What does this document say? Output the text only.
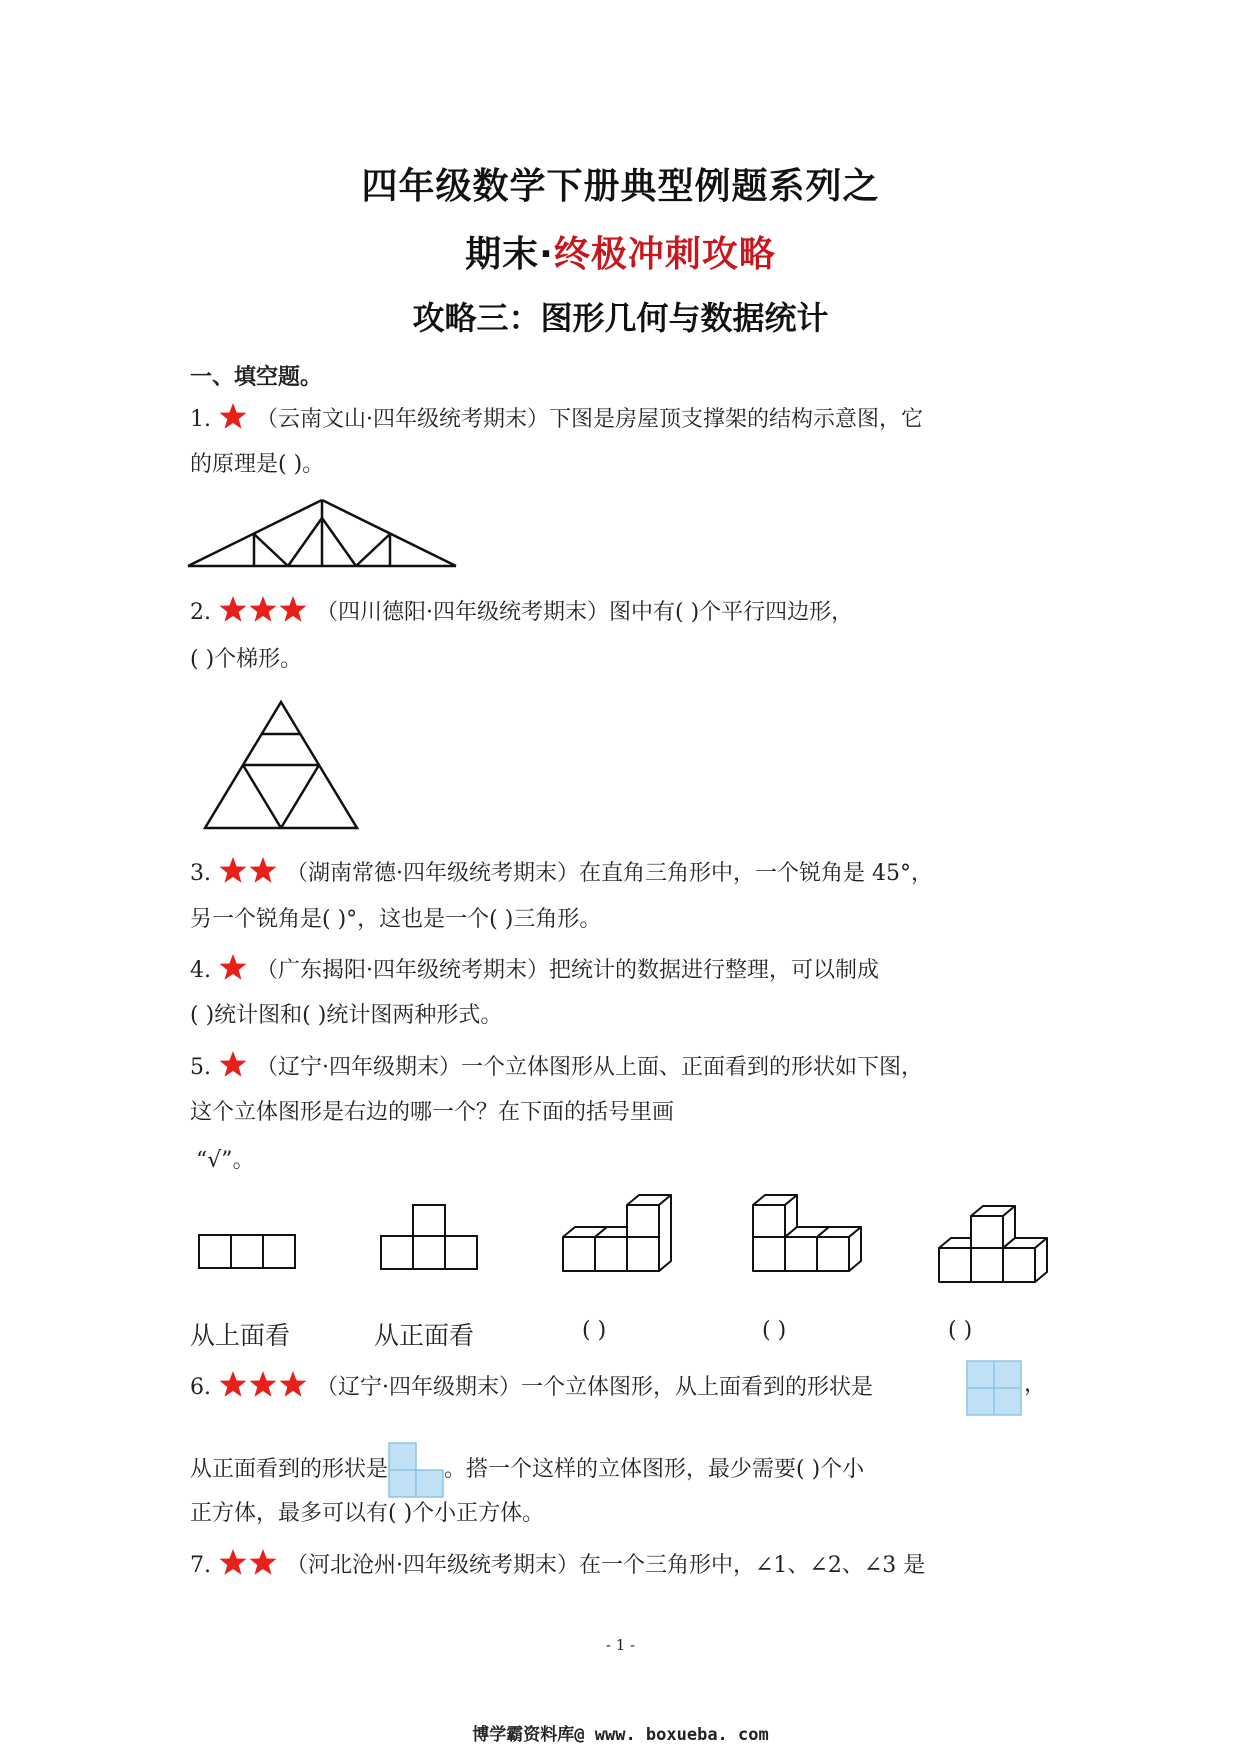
四年级数学下册典型例题系列之
期末·终极冲刺攻略
攻略三：图形几何与数据统计
一、填空题。
1. （云南文山·四年级统考期末）下图是房屋顶支撑架的结构示意图，它
的原理是( )。
2.	（四川德阳·四年级统考期末）图中有( )个平行四边形，
( )个梯形。
3.	（湖南常德·四年级统考期末）在直角三角形中，一个锐角是 45°，
另一个锐角是( )°，这也是一个( )三角形。
4. （广东揭阳·四年级统考期末）把统计的数据进行整理，可以制成
( )统计图和( )统计图两种形式。
5. （辽宁·四年级期末）一个立体图形从上面、正面看到的形状如下图，
这个立体图形是右边的哪一个？在下面的括号里画
“√”。
从上面看	从正面看	( )	( )	( )
6.	（辽宁·四年级期末）一个立体图形，从上面看到的形状是	，
从正面看到的形状是	。搭一个这样的立体图形，最少需要( )个小
正方体，最多可以有( )个小正方体。
7.	（河北沧州·四年级统考期末）在一个三角形中，∠1、∠2、∠3 是
- 1 -
博学霸资料库@ www. boxueba. com
